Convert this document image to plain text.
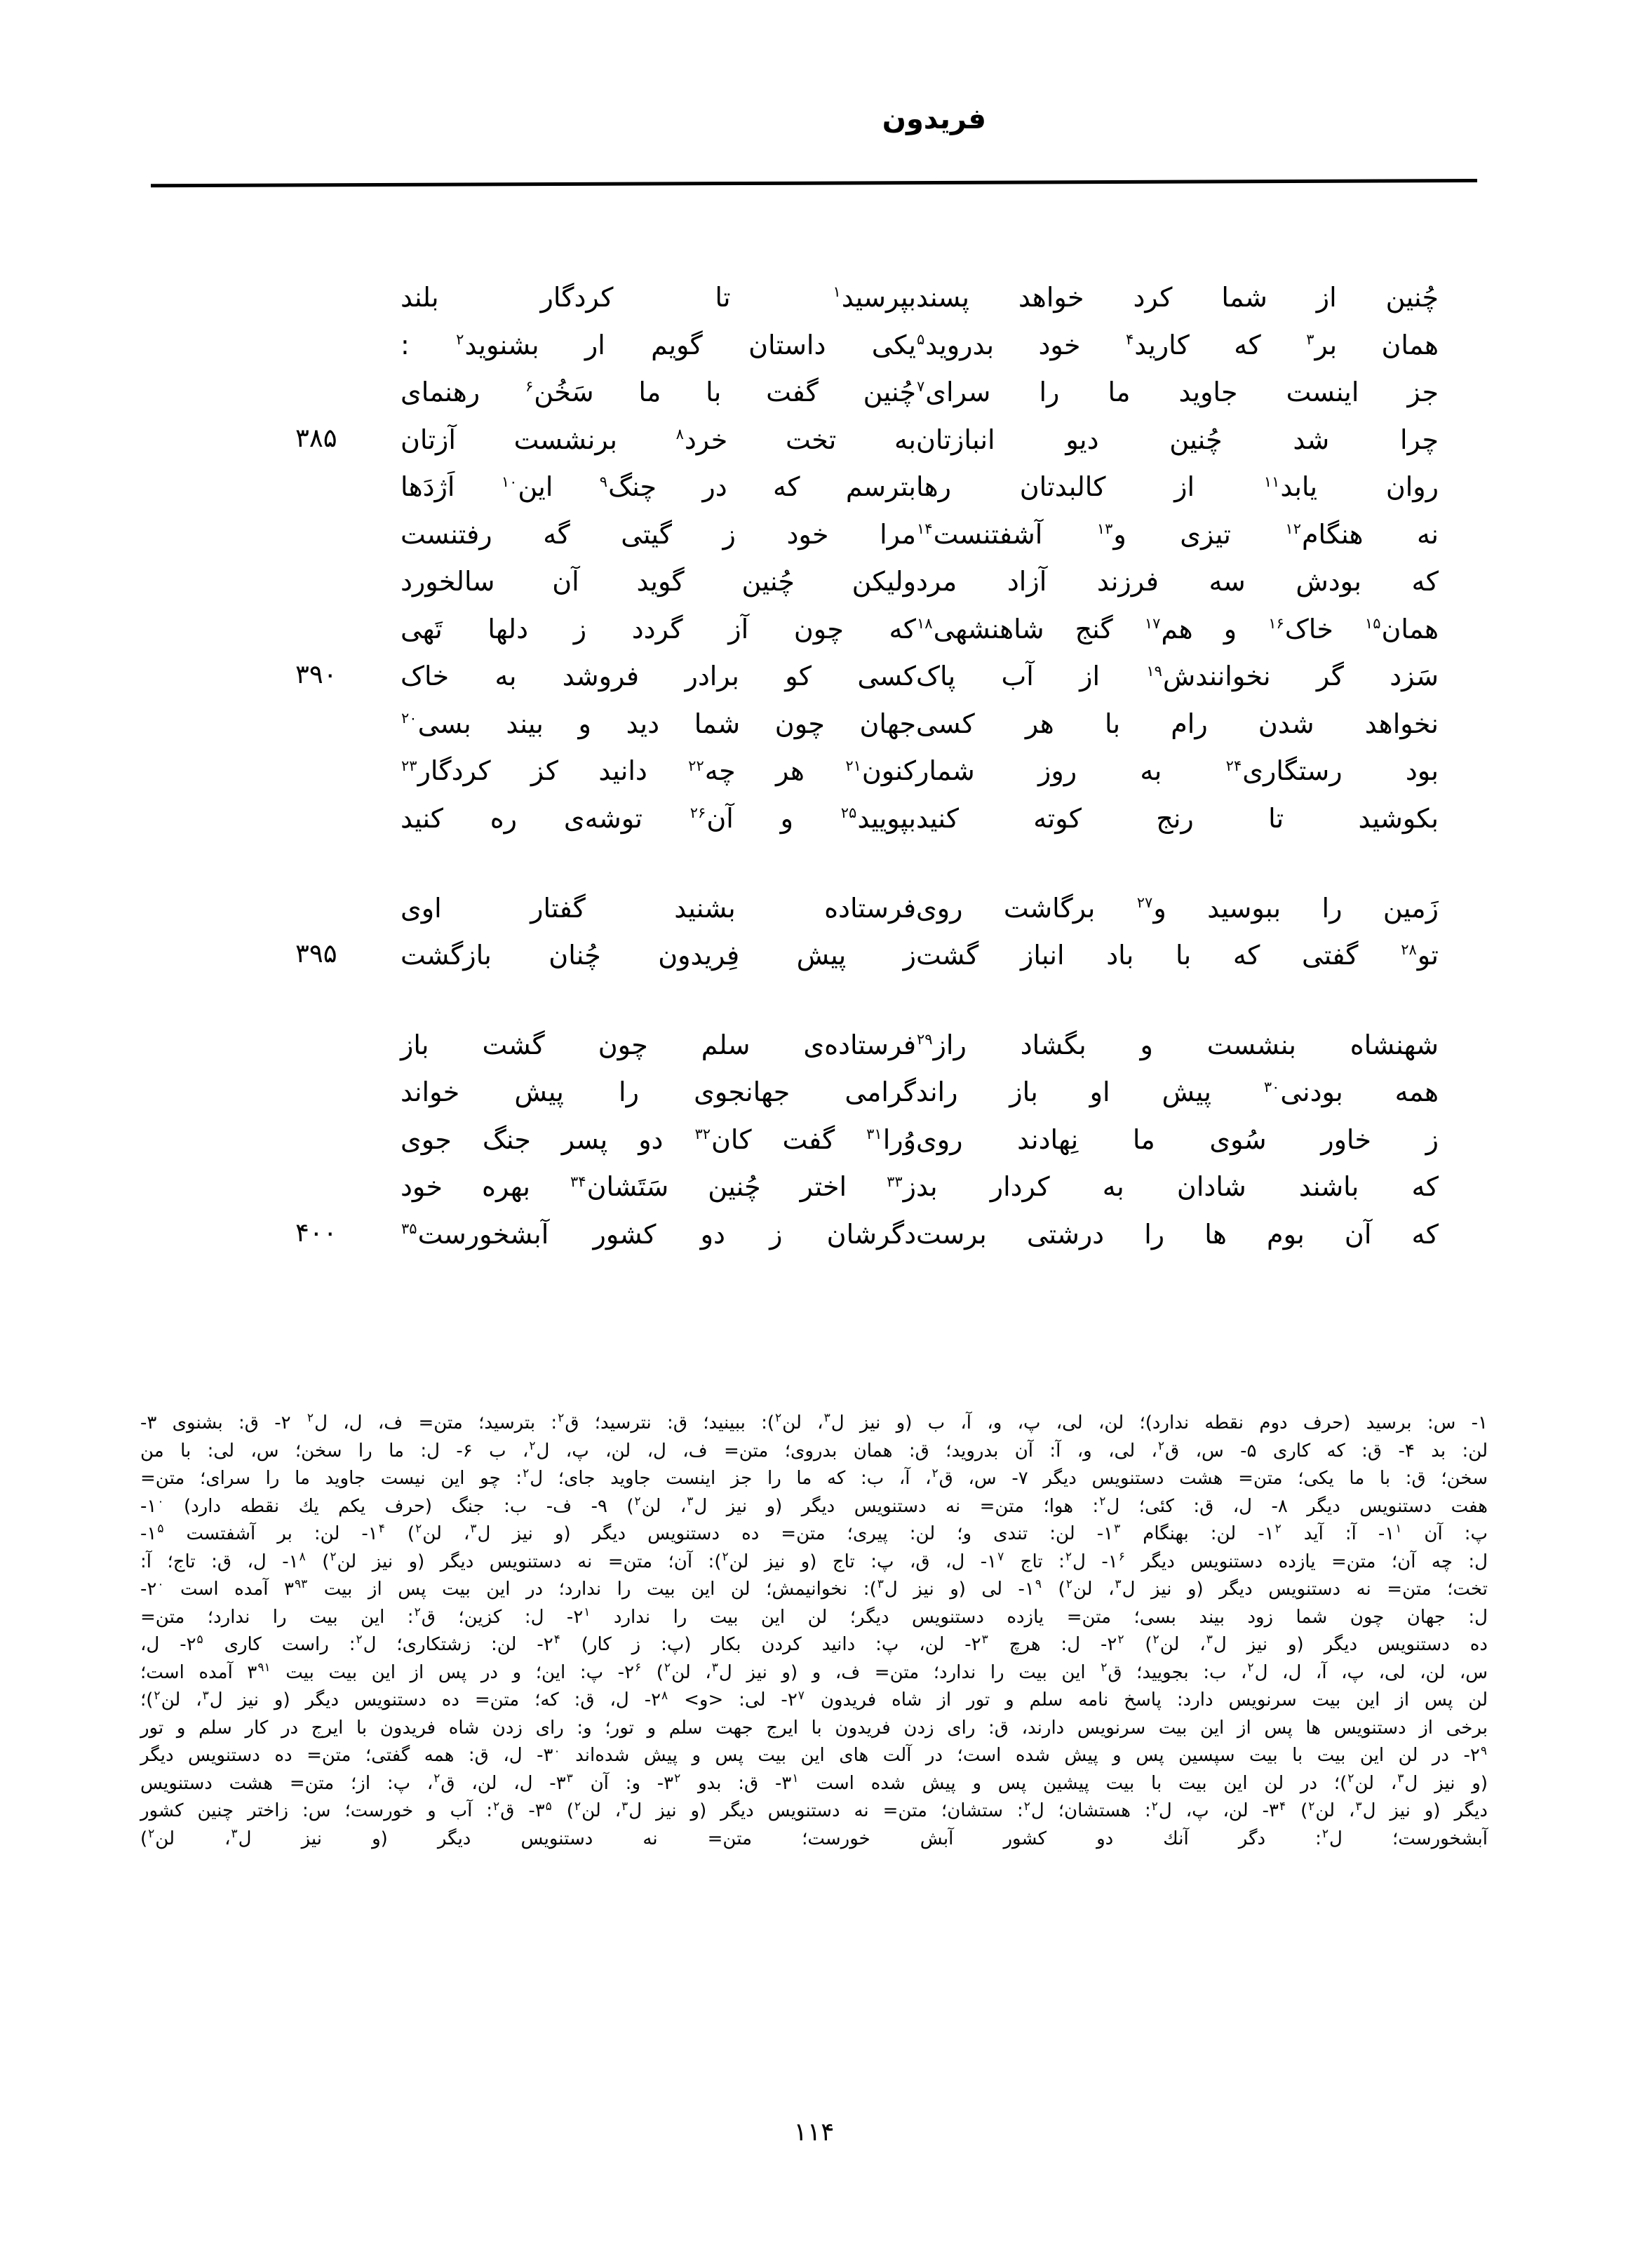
فریدون
چُنین از شما کرد خواهد پسند
بپرسید$^۱$ تا کردگار بلند
همان بر$^۳$ که کارید$^۴$ خود بدروید$^۵$
یکی داستان گویم ار بشنوید$^۲$ :
جز اینست جاوید ما را سرای$^۷$
چُنین گفت با ما سَخُن$^۶$ رهنمای
چرا شد چُنین دیو انبازتان
به تخت خرد$^۸$ برنشست آزتان
۳۸۵
روان یابد$^{۱۱}$ از کالبدتان رها
بترسم که در چنگ$^۹$ این$^{۱۰}$ اَژدَها
نه هنگام$^{۱۲}$ تیزی و$^{۱۳}$ آشفتنست$^{۱۴}$
مرا خود ز گیتی گه رفتنست
که بودش سه فرزند آزاد مرد
ولیکن چُنین گوید آن سالخورد
همان$^{۱۵}$ خاک$^{۱۶}$ و هم$^{۱۷}$ گنج شاهنشهی$^{۱۸}$
که چون آز گردد ز دلها تَهی
سَزد گر نخوانندش$^{۱۹}$ از آب پاک
کسی کو برادر فروشد به خاک
۳۹۰
نخواهد شدن رام با هر کسی
جهان چون شما دید و بیند بسی$^{۲۰}$
بود رستگاری$^{۲۴}$ به روز شمار
کنون$^{۲۱}$ هر چه$^{۲۲}$ دانید کز کردگار$^{۲۳}$
بکوشید تا رنج کوته کنید
بپویید$^{۲۵}$ و آن$^{۲۶}$ توشه‌ی ره کنید
زَمین را ببوسید و$^{۲۷}$ برگاشت روی
فرستاده بشنید گفتار اوی
تو$^{۲۸}$ گفتی که با باد انباز گشت
ز پیش فِریدون چُنان بازگشت
۳۹۵
شهنشاه بنشست و بگشاد راز$^{۲۹}$
فرستاده‌ی سلم چون گشت باز
همه بودنی$^{۳۰}$ پیش او باز راند
گرامی جهانجوی را پیش خواند
ز خاور سُوی ما نِهادند روی
وُرا$^{۳۱}$ گفت کان$^{۳۲}$ دو پسر جنگ جوی
که باشند شادان به کردار بد
ز$^{۳۳}$ اختر چُنین سَتَشان$^{۳۴}$ بهره خود
که آن بوم ها را درشتی برست
دگرشان ز دو کشور آبشخورست$^{۳۵}$
۴۰۰
۱- س: برسید (حرف دوم نقطه ندارد)؛ لن، لی، پ، و، آ، ب (و نیز ل$^۳$، لن$^۲$): ببینید؛ ق: نترسید؛ ق$^۲$: بترسید؛ متن= ف، ل، ل$^۲$ ۲- ق: بشنوی ۳-
لن: بد ۴- ق: که کاری ۵- س، ق$^۲$، لی، و، آ: آن بدروید؛ ق: همان بدروی؛ متن= ف، ل، لن، پ، ل$^۲$، ب ۶- ل: ما را سخن؛ س، لی: با من
سخن؛ ق: با ما یکی؛ متن= هشت دستنویس دیگر ۷- س، ق$^۲$، آ، ب: که ما را جز اینست جاوید جای؛ ل$^۲$: چو این نیست جاوید ما را سرای؛ متن=
هفت دستنویس دیگر ۸- ل، ق: کئی؛ ل$^۲$: هوا؛ متن= نه دستنویس دیگر (و نیز ل$^۳$، لن$^۲$) ۹- ف- ب: جنگ (حرف یکم یك نقطه دارد) ۱$^۰$-
پ: آن ۱$^۱$- آ: آید ۱$^۲$- لن: بهنگام ۱$^۳$- لن: تندی و؛ لن: پیری؛ متن= ده دستنویس دیگر (و نیز ل$^۳$، لن$^۲$) ۱$^۴$- لن: بر آشفتست ۱$^۵$-
ل: چه آن؛ متن= یازده دستنویس دیگر ۱$^۶$- ل$^۲$: تاج ۱$^۷$- ل، ق، پ: تاج (و نیز لن$^۲$): آن؛ متن= نه دستنویس دیگر (و نیز لن$^۲$) ۱$^۸$- ل، ق: تاج؛ آ:
تخت؛ متن= نه دستنویس دیگر (و نیز ل$^۳$، لن$^۲$) ۱$^۹$- لی (و نیز ل$^۳$): نخوانیمش؛ لن این بیت را ندارد؛ در این بیت پس از بیت ۳$^{۹۳}$ آمده است ۲$^۰$-
ل: جهان چون شما زود بیند بسی؛ متن= یازده دستنویس دیگر؛ لن این بیت را ندارد ۲$^۱$- ل: کزین؛ ق$^۲$: این بیت را ندارد؛ متن=
ده دستنویس دیگر (و نیز ل$^۳$، لن$^۲$) ۲$^۲$- ل: هرچ ۲$^۳$- لن، پ: دانید کردن بکار (پ: ز کار) ۲$^۴$- لن: زشتکاری؛ ل$^۲$: راست کاری ۲$^۵$- ل،
س، لن، لی، پ، آ، ل، ل$^۲$، ب: بجویید؛ ق$^۲$ این بیت را ندارد؛ متن= ف، و (و نیز ل$^۳$، لن$^۲$) ۲$^۶$- پ: این؛ و در پس از این بیت بیت ۳$^{۹۱}$ آمده است؛
لن پس از این بیت سرنویس دارد: پاسخ نامه سلم و تور از شاه فریدون ۲$^۷$- لی: <و> ۲$^۸$- ل، ق: که؛ متن= ده دستنویس دیگر (و نیز ل$^۳$، لن$^۲$)؛
برخی از دستنویس ها پس از این بیت سرنویس دارند، ق: رای زدن فریدون با ایرج جهت سلم و تور؛ و: رای زدن شاه فریدون با ایرج در کار سلم و تور
۲$^۹$- در لن این بیت با بیت سپسین پس و پیش شده است؛ در آلت های این بیت پس و پیش شده‌اند ۳$^۰$- ل، ق: همه گفتی؛ متن= ده دستنویس دیگر
(و نیز ل$^۳$، لن$^۲$)؛ در لن این بیت با بیت پیشین پس و پیش شده است ۳$^۱$- ق: بدو ۳$^۲$- و: آن ۳$^۳$- ل، لن، ق$^۲$، پ: از؛ متن= هشت دستنویس
دیگر (و نیز ل$^۳$، لن$^۲$) ۳$^۴$- لن، پ، ل$^۲$: هستشان؛ ل$^۲$: ستشان؛ متن= نه دستنویس دیگر (و نیز ل$^۳$، لن$^۲$) ۳$^۵$- ق$^۲$: آب و خورست؛ س: زاختر چنین کشور
آبشخورست؛ ل$^۲$: دگر آنك دو کشور آبش خورست؛ متن= نه دستنویس دیگر (و نیز ل$^۳$، لن$^۲$)
۱۱۴
